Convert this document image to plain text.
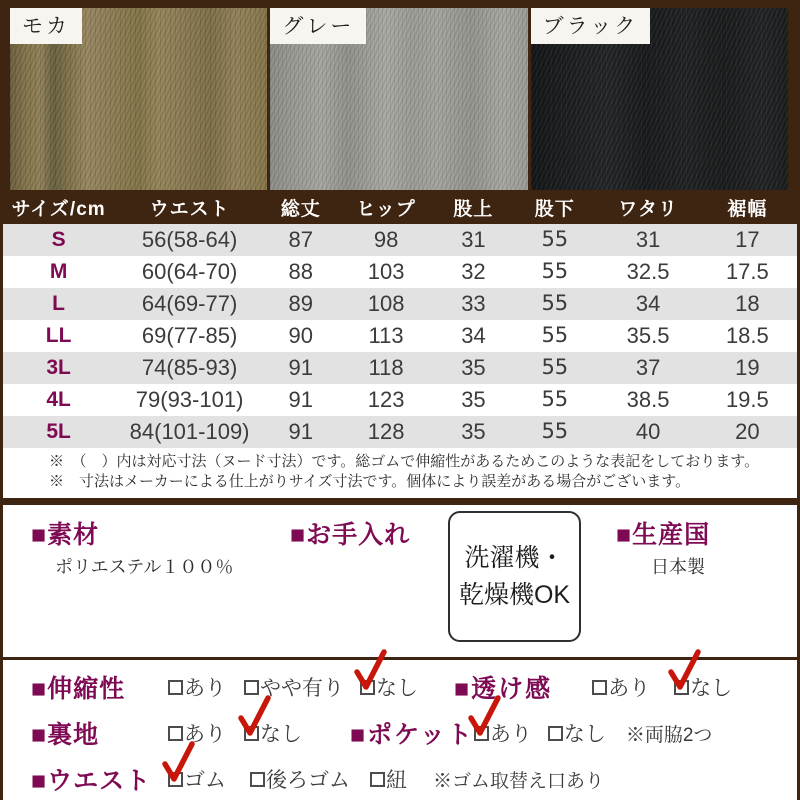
モカ	グレー	ブラック
サイズ/cm	ウエスト	総丈	ヒップ	股上	股下	ワタリ	裾幅
S	56(58-64)	87	98	31	55	31	17
M	60(64-70)	88	103	32	55	32.5	17.5
L	64(69-77)	89	108	33	55	34	18
LL	69(77-85)	90	113	34	55	35.5	18.5
3L	74(85-93)	91	118	35	55	37	19
4L	79(93-101)	91	123	35	55	38.5	19.5
5L	84(101-109)	91	128	35	55	40	20
※　（　）内は対応寸法（ヌード寸法）です。総ゴムで伸縮性があるためこのような表記をしております。
※　寸法はメーカーによる仕上がりサイズ寸法です。個体により誤差がある場合がございます。
■素材
ポリエステル１００％
■お手入れ
洗濯機・
乾燥機OK
■生産国
日本製
■伸縮性	あり やや有り なし ■透け感	あり なし
■裏地	あり なし ■ポケット あり なし ※両脇2つ
■ウエスト	ゴム 後ろゴム 紐 ※ゴム取替え口あり
